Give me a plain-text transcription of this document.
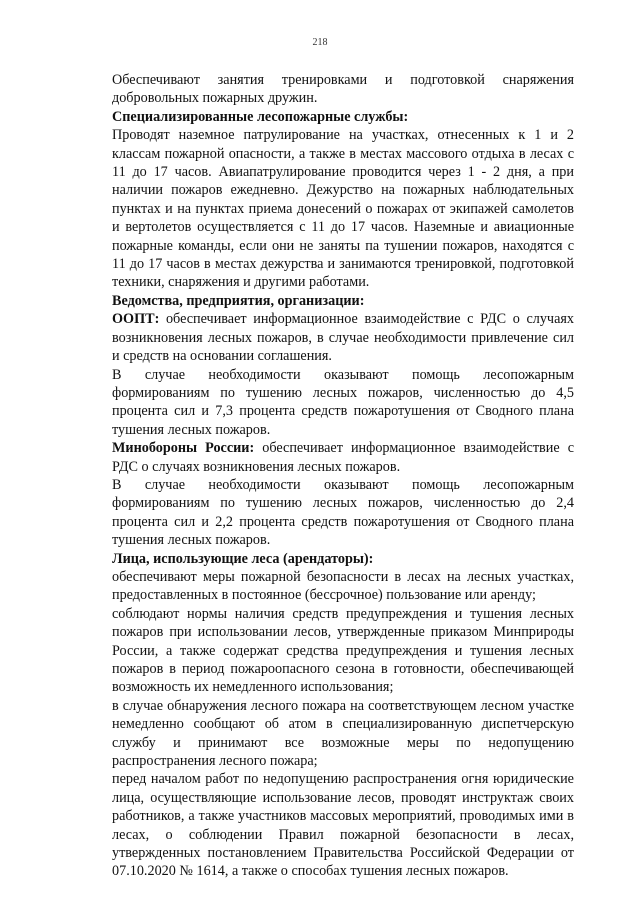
218

Обеспечивают занятия тренировками и подготовкой снаряжения добровольных пожарных дружин.

Специализированные лесопожарные службы:

Проводят наземное патрулирование на участках, отнесенных к 1 и 2 классам пожарной опасности, а также в местах массового отдыха в лесах с 11 до 17 часов. Авиапатрулирование проводится через 1 - 2 дня, а при наличии пожаров ежедневно. Дежурство на пожарных наблюдательных пунктах и на пунктах приема донесений о пожарах от экипажей самолетов и вертолетов осуществляется с 11 до 17 часов. Наземные и авиационные пожарные команды, если они не заняты па тушении пожаров, находятся с 11 до 17 часов в местах дежурства и занимаются тренировкой, подготовкой техники, снаряжения и другими работами.

Ведомства, предприятия, организации:

ООПТ: обеспечивает информационное взаимодействие с РДС о случаях возникновения лесных пожаров, в случае необходимости привлечение сил и средств на основании соглашения.

В случае необходимости оказывают помощь лесопожарным формированиям по тушению лесных пожаров, численностью до 4,5 процента сил и 7,3 процента средств пожаротушения от Сводного плана тушения лесных пожаров.

Минобороны России: обеспечивает информационное взаимодействие с РДС о случаях возникновения лесных пожаров.

В случае необходимости оказывают помощь лесопожарным формированиям по тушению лесных пожаров, численностью до 2,4 процента сил и 2,2 процента средств пожаротушения от Сводного плана тушения лесных пожаров.

Лица, использующие леса (арендаторы):

обеспечивают меры пожарной безопасности в лесах на лесных участках, предоставленных в постоянное (бессрочное) пользование или аренду;

соблюдают нормы наличия средств предупреждения и тушения лесных пожаров при использовании лесов, утвержденные приказом Минприроды России, а также содержат средства предупреждения и тушения лесных пожаров в период пожароопасного сезона в готовности, обеспечивающей возможность их немедленного использования;

в случае обнаружения лесного пожара на соответствующем лесном участке немедленно сообщают об атом в специализированную диспетчерскую службу и принимают все возможные меры по недопущению распространения лесного пожара;

перед началом работ по недопущению распространения огня юридические лица, осуществляющие использование лесов, проводят инструктаж своих работников, а также участников массовых мероприятий, проводимых ими в лесах, о соблюдении Правил пожарной безопасности в лесах, утвержденных постановлением Правительства Российской Федерации от 07.10.2020 № 1614, а также о способах тушения лесных пожаров.
